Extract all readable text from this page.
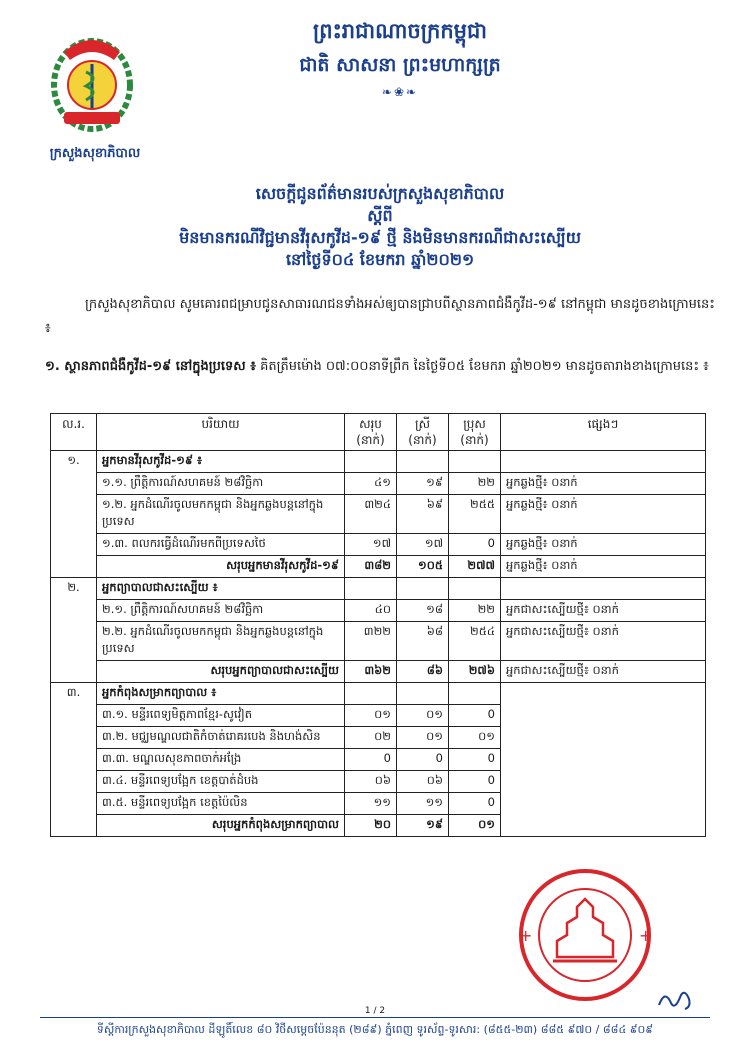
ក្រសួងសុខាភិបាល
ព្រះរាជាណាចក្រកម្ពុជា
ជាតិ សាសនា ព្រះមហាក្សត្រ
❧❀❧
សេចក្តីជូនព័ត៌មានរបស់ក្រសួងសុខាភិបាល
ស្តីពី
មិនមានករណីវិជ្ជមានវីរុសកូវីដ-១៩ ថ្មី និងមិនមានករណីជាសះស្បើយ
នៅថ្ងៃទី០៤ ខែមករា ឆ្នាំ២០២១
ក្រសួងសុខាភិបាល សូមគោរពជម្រាបជូនសាធារណជនទាំងអស់ឲ្យបានជ្រាបពីស្ថានភាពជំងឺកូវីដ-១៩ នៅកម្ពុជា មានដូចខាងក្រោមនេះ ៖
១. ស្ថានភាពជំងឺកូវីដ-១៩ នៅក្នុងប្រទេស ៖ គិតត្រឹមម៉ោង ០៧:០០នាទីព្រឹក នៃថ្ងៃទី០៥ ខែមករា ឆ្នាំ២០២១ មានដូចតារាងខាងក្រោមនេះ ៖
ល.រ.	បរិយាយ	សរុប (នាក់)	ស្រី (នាក់)	ប្រុស (នាក់)	ផ្សេងៗ
១.	អ្នកមានវីរុសកូវីដ-១៩ ៖				
	១.១. ព្រឹត្តិការណ៍សហគមន៍ ២៨វិច្ឆិកា	៤១	១៩	២២	អ្នកឆ្លងថ្មី៖ ០នាក់
	១.២. អ្នកដំណើរចូលមកកម្ពុជា និងអ្នកឆ្លងបន្តនៅក្នុងប្រទេស	៣២៤	៦៩	២៥៥	អ្នកឆ្លងថ្មី៖ ០នាក់
	១.៣. ពលករធ្វើដំណើរមកពីប្រទេសថៃ	១៧	១៧	0	អ្នកឆ្លងថ្មី៖ ០នាក់
	សរុបអ្នកមានវីរុសកូវីដ-១៩	៣៨២	១០៥	២៧៧	អ្នកឆ្លងថ្មី៖ ០នាក់
២.	អ្នកព្យាបាលជាសះស្បើយ ៖				
	២.១. ព្រឹត្តិការណ៍សហគមន៍ ២៨វិច្ឆិកា	៤០	១៨	២២	អ្នកជាសះស្បើយថ្មី៖ ០នាក់
	២.២. អ្នកដំណើរចូលមកកម្ពុជា និងអ្នកឆ្លងបន្តនៅក្នុងប្រទេស	៣២២	៦៨	២៥៤	អ្នកជាសះស្បើយថ្មី៖ ០នាក់
	សរុបអ្នកព្យាបាលជាសះស្បើយ	៣៦២	៨៦	២៧៦	អ្នកជាសះស្បើយថ្មី៖ ០នាក់
៣.	អ្នកកំពុងសម្រាកព្យាបាល ៖				
	៣.១. មន្ទីរពេទ្យមិត្តភាពខ្មែរ-សូវៀត	០១	០១	0	
	៣.២. មជ្ឈមណ្ឌលជាតិកំចាត់រោគរបេង និងហង់សិន	០២	០១	០១	
	៣.៣. មណ្ឌលសុខភាពចាក់អង្រែ	0	0	0	
	៣.៤. មន្ទីរពេទ្យបង្អែក ខេត្តបាត់ដំបង	០៦	០៦	0	
	៣.៥. មន្ទីរពេទ្យបង្អែក ខេត្តប៉ៃលិន	១១	១១	0	
	សរុបអ្នកកំពុងសម្រាកព្យាបាល	២០	១៩	០១	
+	+
1 / 2
ទីស្តីការក្រសួងសុខាភិបាល ដីឡូតិ៍លេខ ៨០ វិថីសម្តេចប៉ែននុត (២៨៩) ភ្នំពេញ ទូរស័ព្ទ-ទូរសារ: (៨៥៥-២៣) ៨៨៥ ៩៧០ / ៨៨៤ ៩០៩
